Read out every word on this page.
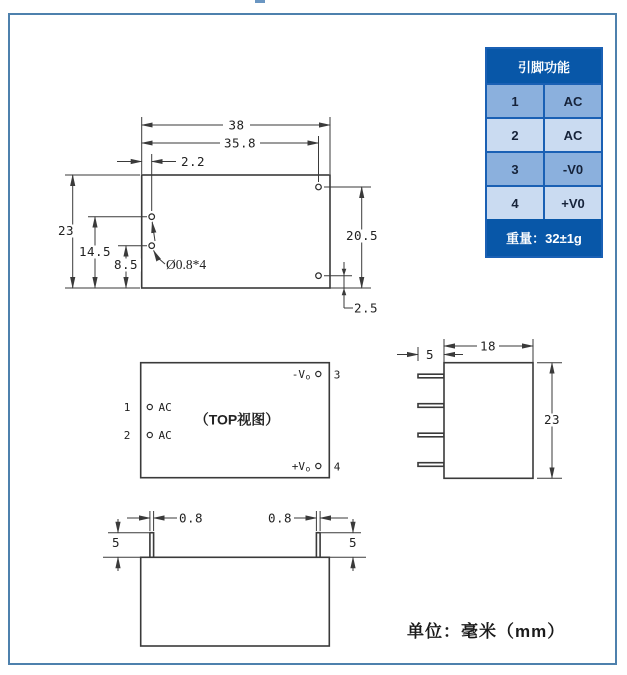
38
35.8
2.2
23
14.5
8.5
20.5
2.5
Ø0.8*4
（TOP视图）
1	AC
2	AC
-V o 3
+V o 4
18
5
23
0.8	0.8
5	5
引脚功能
1	AC
2	AC
3	-V0
4	+V0
重量：32±1g
单位：毫米（mm）
